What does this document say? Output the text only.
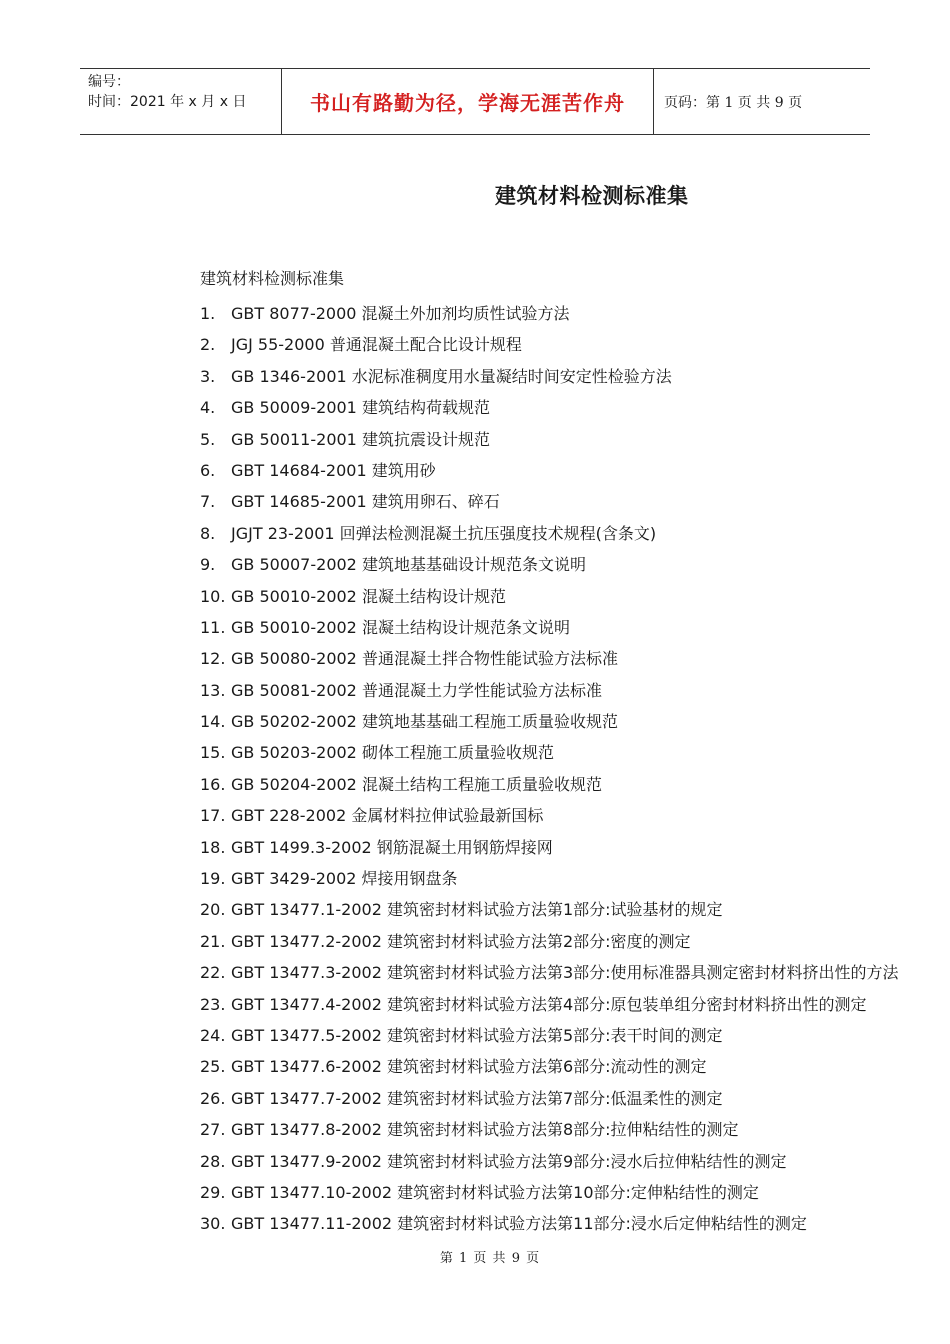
编号：
时间：2021 年 x 月 x 日	书山有路勤为径，学海无涯苦作舟	页码：第 1 页 共 9 页
建筑材料检测标准集
建筑材料检测标准集
1. GBT 8077-2000 混凝土外加剂均质性试验方法
2. JGJ 55-2000 普通混凝土配合比设计规程
3. GB 1346-2001 水泥标准稠度用水量凝结时间安定性检验方法
4. GB 50009-2001 建筑结构荷载规范
5. GB 50011-2001 建筑抗震设计规范
6. GBT 14684-2001 建筑用砂
7. GBT 14685-2001 建筑用卵石、碎石
8. JGJT 23-2001 回弹法检测混凝土抗压强度技术规程(含条文)
9. GB 50007-2002 建筑地基基础设计规范条文说明
10. GB 50010-2002 混凝土结构设计规范
11. GB 50010-2002 混凝土结构设计规范条文说明
12. GB 50080-2002 普通混凝土拌合物性能试验方法标准
13. GB 50081-2002 普通混凝土力学性能试验方法标准
14. GB 50202-2002 建筑地基基础工程施工质量验收规范
15. GB 50203-2002 砌体工程施工质量验收规范
16. GB 50204-2002 混凝土结构工程施工质量验收规范
17. GBT 228-2002 金属材料拉伸试验最新国标
18. GBT 1499.3-2002 钢筋混凝土用钢筋焊接网
19. GBT 3429-2002 焊接用钢盘条
20. GBT 13477.1-2002 建筑密封材料试验方法第1部分:试验基材的规定
21. GBT 13477.2-2002 建筑密封材料试验方法第2部分:密度的测定
22. GBT 13477.3-2002 建筑密封材料试验方法第3部分:使用标准器具测定密封材料挤出性的方法
23. GBT 13477.4-2002 建筑密封材料试验方法第4部分:原包装单组分密封材料挤出性的测定
24. GBT 13477.5-2002 建筑密封材料试验方法第5部分:表干时间的测定
25. GBT 13477.6-2002 建筑密封材料试验方法第6部分:流动性的测定
26. GBT 13477.7-2002 建筑密封材料试验方法第7部分:低温柔性的测定
27. GBT 13477.8-2002 建筑密封材料试验方法第8部分:拉伸粘结性的测定
28. GBT 13477.9-2002 建筑密封材料试验方法第9部分:浸水后拉伸粘结性的测定
29. GBT 13477.10-2002 建筑密封材料试验方法第10部分:定伸粘结性的测定
30. GBT 13477.11-2002 建筑密封材料试验方法第11部分:浸水后定伸粘结性的测定
第 1 页 共 9 页
